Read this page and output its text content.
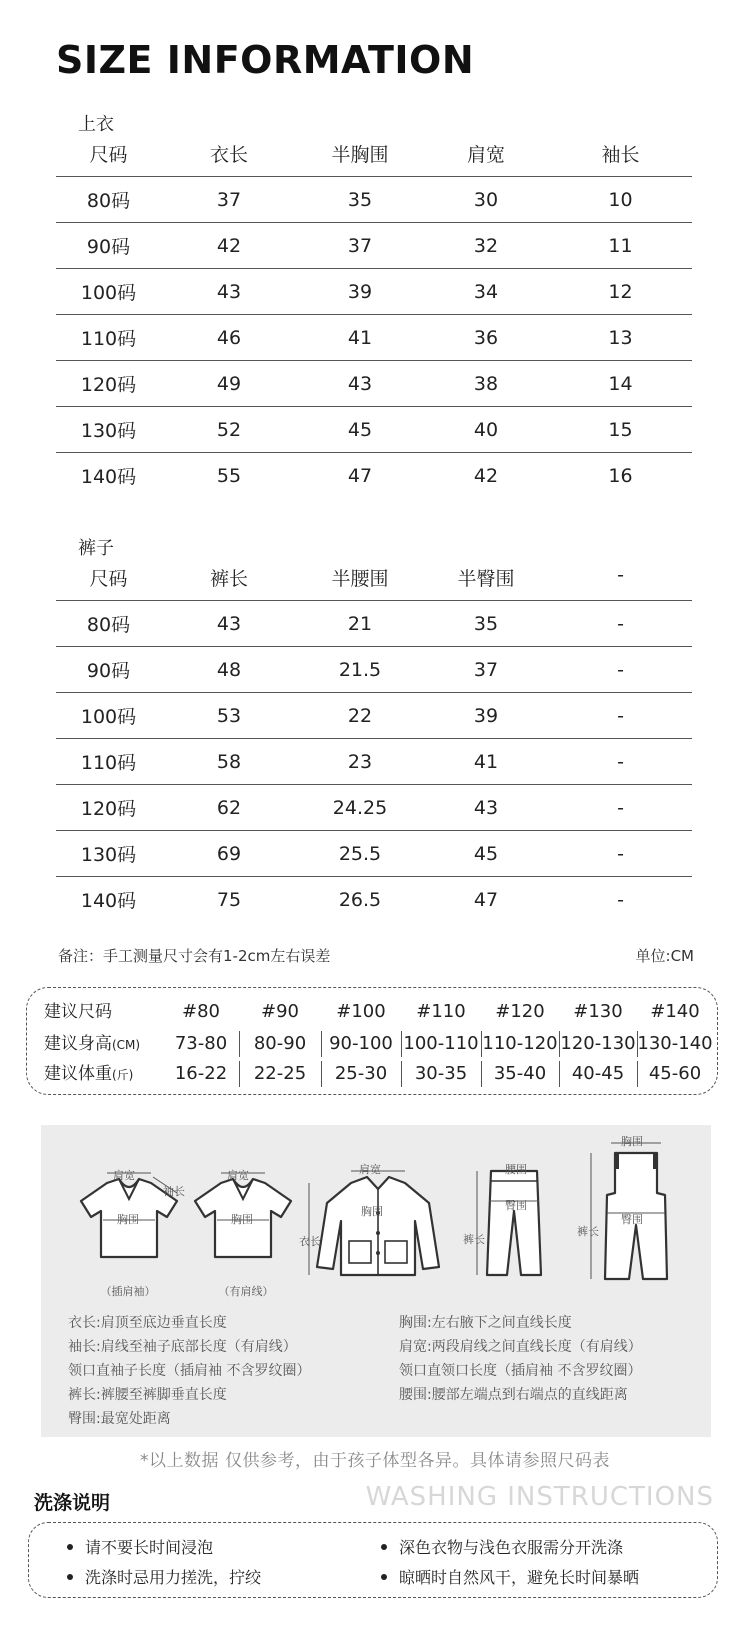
SIZE INFORMATION
上衣
尺码	衣长	半胸围	肩宽	袖长
80码	37	35	30	10
90码	42	37	32	11
100码	43	39	34	12
110码	46	41	36	13
120码	49	43	38	14
130码	52	45	40	15
140码	55	47	42	16
裤子
尺码	裤长	半腰围	半臀围	-
80码	43	21	35	-
90码	48	21.5	37	-
100码	53	22	39	-
110码	58	23	41	-
120码	62	24.25	43	-
130码	69	25.5	45	-
140码	75	26.5	47	-
备注：手工测量尺寸会有1-2cm左右误差	单位:CM
建议尺码	#80	#90	#100	#110	#120	#130	#140
建议身高(CM)	73-80	80-90	90-100 100-110 110-120 120-130 130-140
建议体重(斤)	16-22	22-25	25-30	30-35	35-40	40-45	45-60
肩宽
袖长
胸围
（插肩袖）
肩宽
胸围
（有肩线）
肩宽
胸围
衣长
腰围
臀围
裤长
胸围
臀围
裤长
衣长:肩顶至底边垂直长度
袖长:肩线至袖子底部长度（有肩线）
领口直袖子长度（插肩袖 不含罗纹圈）
裤长:裤腰至裤脚垂直长度
臀围:最宽处距离
胸围:左右腋下之间直线长度
肩宽:两段肩线之间直线长度（有肩线）
领口直领口长度（插肩袖 不含罗纹圈）
腰围:腰部左端点到右端点的直线距离
*以上数据 仅供参考，由于孩子体型各异。具体请参照尺码表
洗涤说明	WASHING INSTRUCTIONS
请不要长时间浸泡	深色衣物与浅色衣服需分开洗涤
洗涤时忌用力搓洗，拧绞	晾晒时自然风干，避免长时间暴晒
